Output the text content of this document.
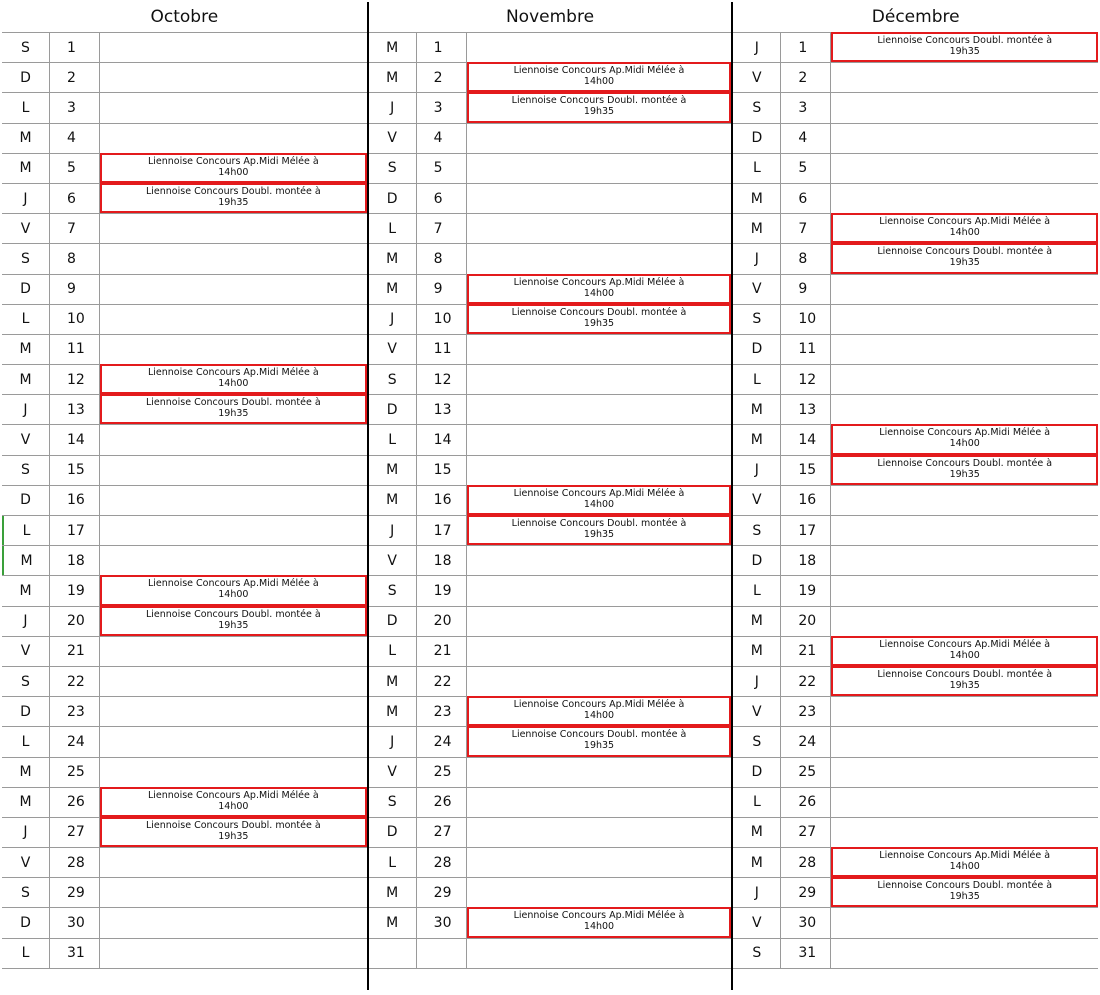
Octobre
S	1
D	2
L	3
M	4
M	5	Liennoise Concours Ap.Midi Mélée à
14h00
J	6	Liennoise Concours Doubl. montée à
19h35
V	7
S	8
D	9
L	10
M	11
M	12	Liennoise Concours Ap.Midi Mélée à
14h00
J	13	Liennoise Concours Doubl. montée à
19h35
V	14
S	15
D	16
L	17
M	18
M	19	Liennoise Concours Ap.Midi Mélée à
14h00
J	20	Liennoise Concours Doubl. montée à
19h35
V	21
S	22
D	23
L	24
M	25
M	26	Liennoise Concours Ap.Midi Mélée à
14h00
J	27	Liennoise Concours Doubl. montée à
19h35
V	28
S	29
D	30
L	31
Novembre
M	1
M	2	Liennoise Concours Ap.Midi Mélée à
14h00
J	3	Liennoise Concours Doubl. montée à
19h35
V	4
S	5
D	6
L	7
M	8
M	9	Liennoise Concours Ap.Midi Mélée à
14h00
J	10	Liennoise Concours Doubl. montée à
19h35
V	11
S	12
D	13
L	14
M	15
M	16	Liennoise Concours Ap.Midi Mélée à
14h00
J	17	Liennoise Concours Doubl. montée à
19h35
V	18
S	19
D	20
L	21
M	22
M	23	Liennoise Concours Ap.Midi Mélée à
14h00
J	24	Liennoise Concours Doubl. montée à
19h35
V	25
S	26
D	27
L	28
M	29
M	30	Liennoise Concours Ap.Midi Mélée à
14h00
Décembre
J	1	Liennoise Concours Doubl. montée à
19h35
V	2
S	3
D	4
L	5
M	6
M	7	Liennoise Concours Ap.Midi Mélée à
14h00
J	8	Liennoise Concours Doubl. montée à
19h35
V	9
S	10
D	11
L	12
M	13
M	14	Liennoise Concours Ap.Midi Mélée à
14h00
J	15	Liennoise Concours Doubl. montée à
19h35
V	16
S	17
D	18
L	19
M	20
M	21	Liennoise Concours Ap.Midi Mélée à
14h00
J	22	Liennoise Concours Doubl. montée à
19h35
V	23
S	24
D	25
L	26
M	27
M	28	Liennoise Concours Ap.Midi Mélée à
14h00
J	29	Liennoise Concours Doubl. montée à
19h35
V	30
S	31
